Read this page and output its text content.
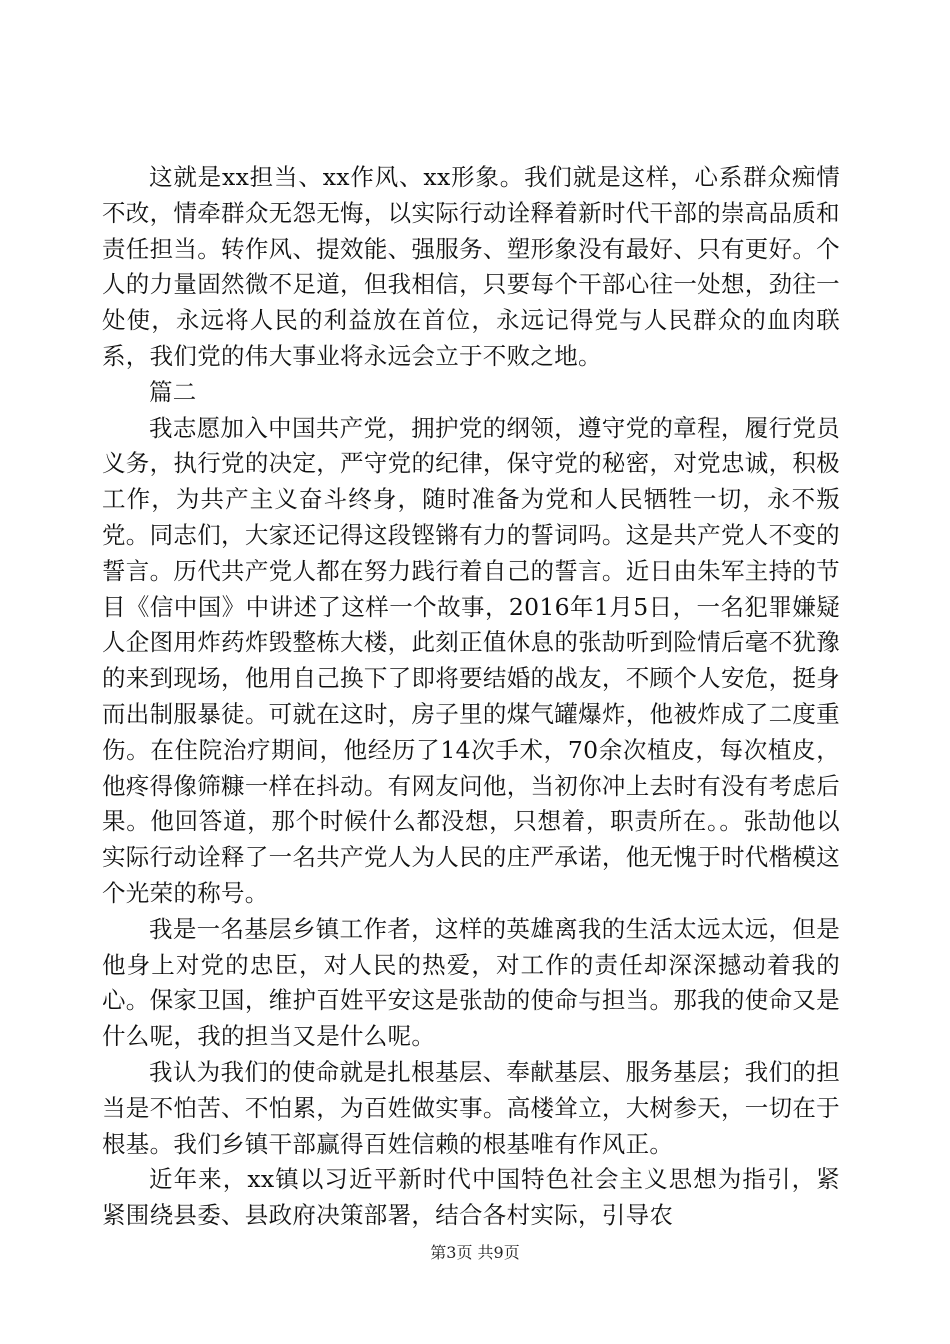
这就是xx担当、xx作风、xx形象。我们就是这样，心系群众痴情不改，情牵群众无怨无悔，以实际行动诠释着新时代干部的崇高品质和责任担当。转作风、提效能、强服务、塑形象没有最好、只有更好。个人的力量固然微不足道，但我相信，只要每个干部心往一处想，劲往一处使，永远将人民的利益放在首位，永远记得党与人民群众的血肉联系，我们党的伟大事业将永远会立于不败之地。

篇二

我志愿加入中国共产党，拥护党的纲领，遵守党的章程，履行党员义务，执行党的决定，严守党的纪律，保守党的秘密，对党忠诚，积极工作，为共产主义奋斗终身，随时准备为党和人民牺牲一切，永不叛党。同志们，大家还记得这段铿锵有力的誓词吗。这是共产党人不变的誓言。历代共产党人都在努力践行着自己的誓言。近日由朱军主持的节目《信中国》中讲述了这样一个故事，2016年1月5日，一名犯罪嫌疑人企图用炸药炸毁整栋大楼，此刻正值休息的张劼听到险情后毫不犹豫的来到现场，他用自己换下了即将要结婚的战友，不顾个人安危，挺身而出制服暴徒。可就在这时，房子里的煤气罐爆炸，他被炸成了二度重伤。在住院治疗期间，他经历了14次手术，70余次植皮，每次植皮，他疼得像筛糠一样在抖动。有网友问他，当初你冲上去时有没有考虑后果。他回答道，那个时候什么都没想，只想着，职责所在。。张劼他以实际行动诠释了一名共产党人为人民的庄严承诺，他无愧于时代楷模这个光荣的称号。

我是一名基层乡镇工作者，这样的英雄离我的生活太远太远，但是他身上对党的忠臣，对人民的热爱，对工作的责任却深深撼动着我的心。保家卫国，维护百姓平安这是张劼的使命与担当。那我的使命又是什么呢，我的担当又是什么呢。

我认为我们的使命就是扎根基层、奉献基层、服务基层；我们的担当是不怕苦、不怕累，为百姓做实事。高楼耸立，大树参天，一切在于根基。我们乡镇干部赢得百姓信赖的根基唯有作风正。

近年来，xx镇以习近平新时代中国特色社会主义思想为指引，紧紧围绕县委、县政府决策部署，结合各村实际，引导农

第3页 共9页
